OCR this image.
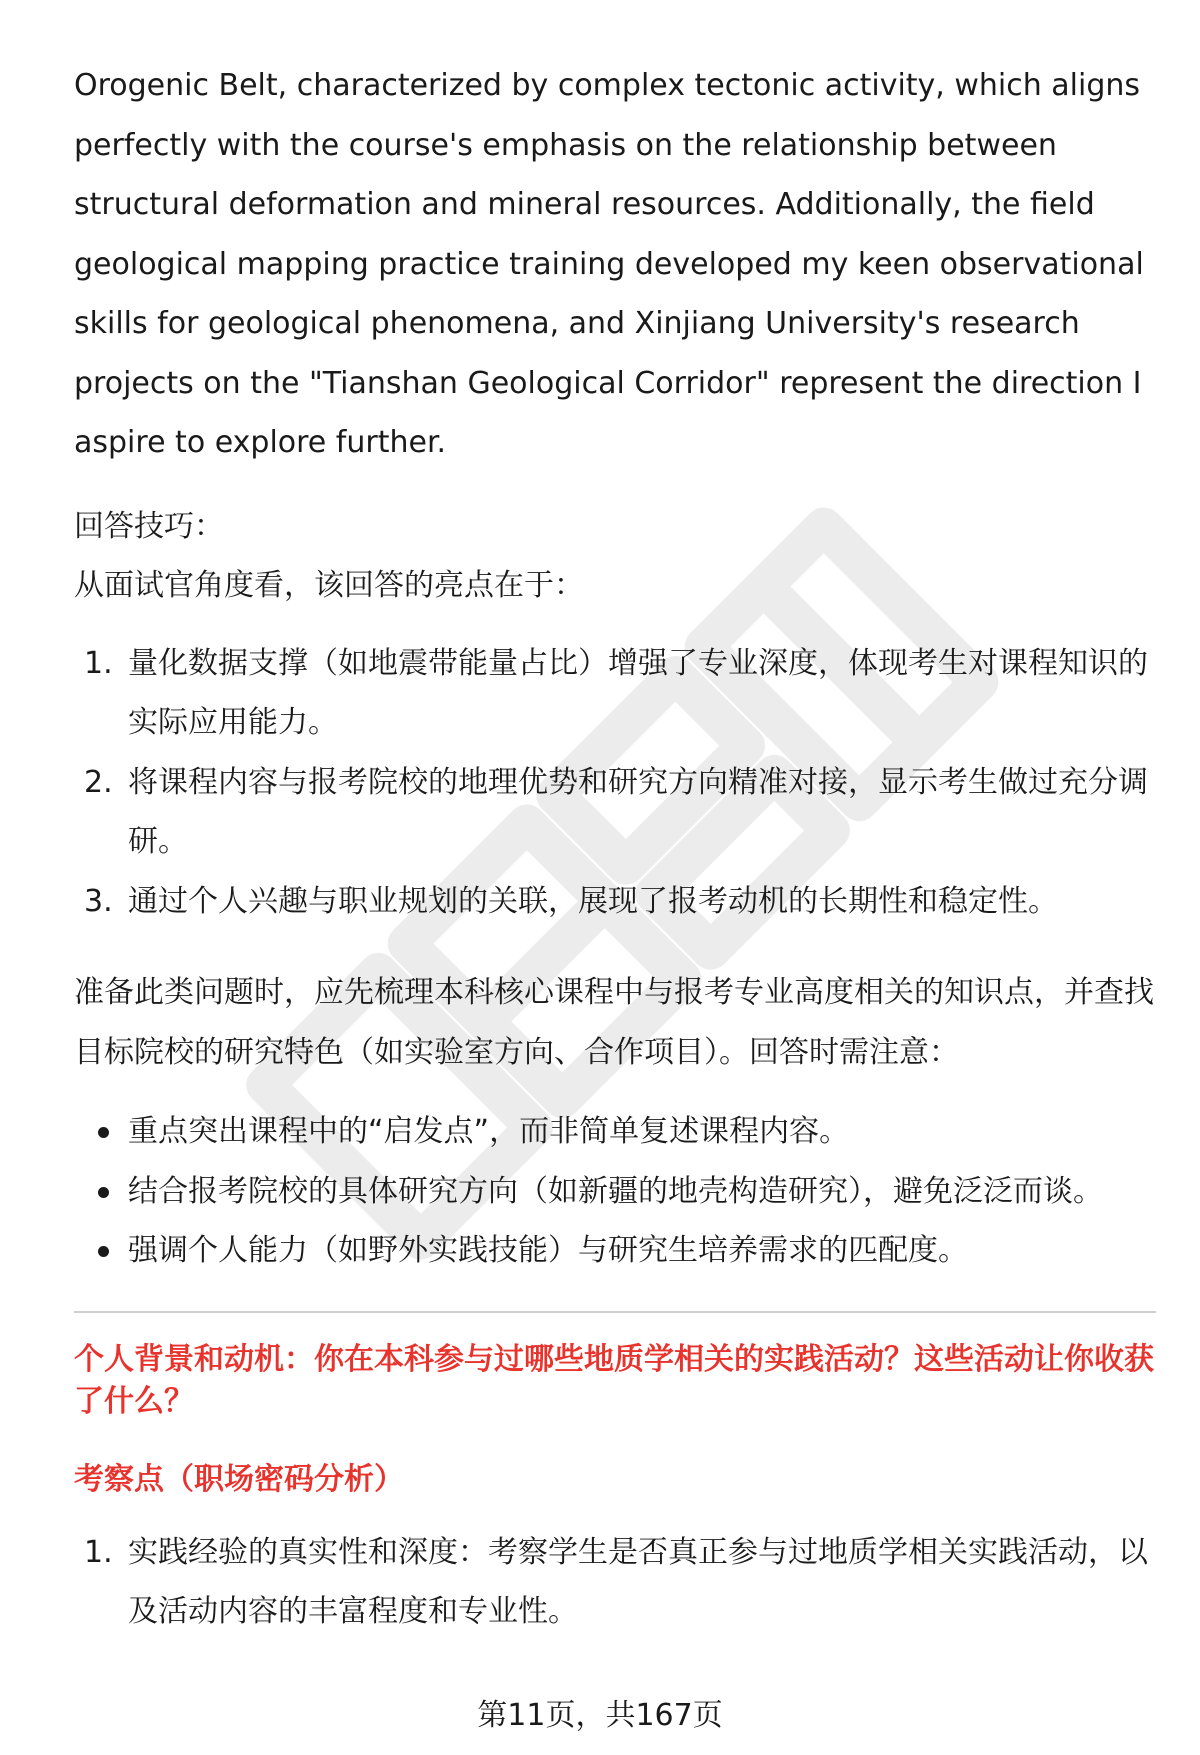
Orogenic Belt, characterized by complex tectonic activity, which aligns perfectly with the course's emphasis on the relationship between structural deformation and mineral resources. Additionally, the field geological mapping practice training developed my keen observational skills for geological phenomena, and Xinjiang University's research projects on the "Tianshan Geological Corridor" represent the direction I aspire to explore further.

回答技巧：

从面试官角度看，该回答的亮点在于：

1. 量化数据支撑（如地震带能量占比）增强了专业深度，体现考生对课程知识的实际应用能力。
2. 将课程内容与报考院校的地理优势和研究方向精准对接，显示考生做过充分调研。
3. 通过个人兴趣与职业规划的关联，展现了报考动机的长期性和稳定性。

准备此类问题时，应先梳理本科核心课程中与报考专业高度相关的知识点，并查找目标院校的研究特色（如实验室方向、合作项目）。回答时需注意：

重点突出课程中的“启发点”，而非简单复述课程内容。
结合报考院校的具体研究方向（如新疆的地壳构造研究），避免泛泛而谈。
强调个人能力（如野外实践技能）与研究生培养需求的匹配度。

个人背景和动机：你在本科参与过哪些地质学相关的实践活动？这些活动让你收获了什么？

考察点（职场密码分析）

1. 实践经验的真实性和深度：考察学生是否真正参与过地质学相关实践活动，以及活动内容的丰富程度和专业性。
第11页，共167页
